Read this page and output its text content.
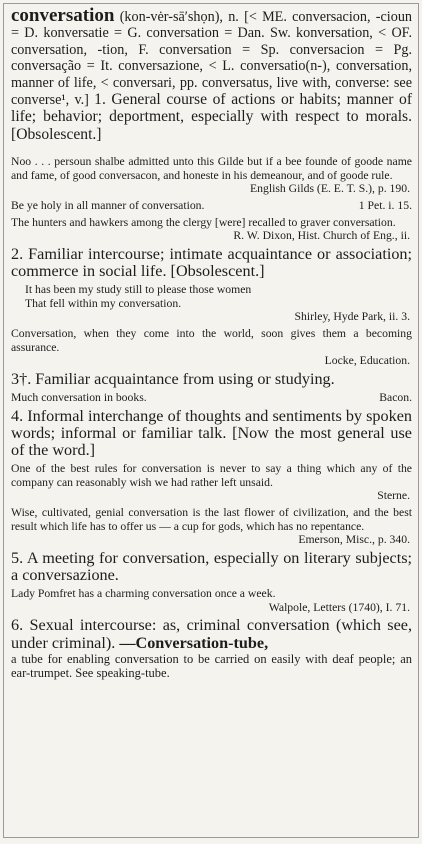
conversation (kon-vėr-sā′shọn), n. [< ME. conversacion, -cioun = D. konversatie = G. conversation = Dan. Sw. konversation, < OF. conversation, -tion, F. conversation = Sp. conversacion = Pg. conversação = It. conversazione, < L. conversatio(n-), conversation, manner of life, < conversari, pp. conversatus, live with, converse: see converse¹, v.] 1. General course of actions or habits; manner of life; behavior; deportment, especially with respect to morals. [Obsolescent.]
Noo . . . persoun shalbe admitted unto this Gilde but if a bee founde of goode name and fame, of good conversacon, and honeste in his demeanour, and of goode rule.
English Gilds (E. E. T. S.), p. 190.
1 Pet. i. 15.
Be ye holy in all manner of conversation.
The hunters and hawkers among the clergy [were] recalled to graver conversation.
R. W. Dixon, Hist. Church of Eng., ii.
2. Familiar intercourse; intimate acquaintance or association; commerce in social life. [Obsolescent.]
It has been my study still to please those women
That fell within my conversation.
Shirley, Hyde Park, ii. 3.
Conversation, when they come into the world, soon gives them a becoming assurance.
Locke, Education.
3†. Familiar acquaintance from using or studying.
Bacon.
Much conversation in books.
4. Informal interchange of thoughts and sentiments by spoken words; informal or familiar talk. [Now the most general use of the word.]
One of the best rules for conversation is never to say a thing which any of the company can reasonably wish we had rather left unsaid.
Sterne.
Wise, cultivated, genial conversation is the last flower of civilization, and the best result which life has to offer us — a cup for gods, which has no repentance.
Emerson, Misc., p. 340.
5. A meeting for conversation, especially on literary subjects; a conversazione.
Lady Pomfret has a charming conversation once a week.
Walpole, Letters (1740), I. 71.
6. Sexual intercourse: as, criminal conversation (which see, under criminal). —Conversation-tube,
a tube for enabling conversation to be carried on easily with deaf people; an ear-trumpet. See speaking-tube.
